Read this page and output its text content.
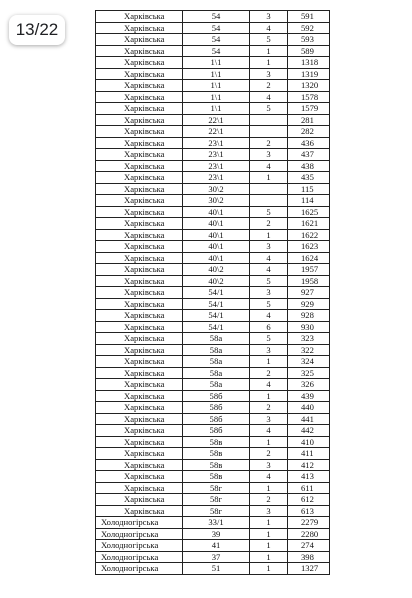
13/22
Харківська	54	3	591
Харківська	54	4	592
Харківська	54	5	593
Харківська	54	1	589
Харківська	1\1	1	1318
Харківська	1\1	3	1319
Харківська	1\1	2	1320
Харківська	1\1	4	1578
Харківська	1\1	5	1579
Харківська	22\1		281
Харківська	22\1		282
Харківська	23\1	2	436
Харківська	23\1	3	437
Харківська	23\1	4	438
Харківська	23\1	1	435
Харківська	30\2		115
Харківська	30\2		114
Харківська	40\1	5	1625
Харківська	40\1	2	1621
Харківська	40\1	1	1622
Харківська	40\1	3	1623
Харківська	40\1	4	1624
Харківська	40\2	4	1957
Харківська	40\2	5	1958
Харківська	54/1	3	927
Харківська	54/1	5	929
Харківська	54/1	4	928
Харківська	54/1	6	930
Харківська	58а	5	323
Харківська	58а	3	322
Харківська	58а	1	324
Харківська	58а	2	325
Харківська	58а	4	326
Харківська	58б	1	439
Харківська	58б	2	440
Харківська	58б	3	441
Харківська	58б	4	442
Харківська	58в	1	410
Харківська	58в	2	411
Харківська	58в	3	412
Харківська	58в	4	413
Харківська	58г	1	611
Харківська	58г	2	612
Харківська	58г	3	613
Холодногірська	33/1	1	2279
Холодногірська	39	1	2280
Холодногірська	41	1	274
Холодногірська	37	1	398
Холодногірська	51	1	1327
